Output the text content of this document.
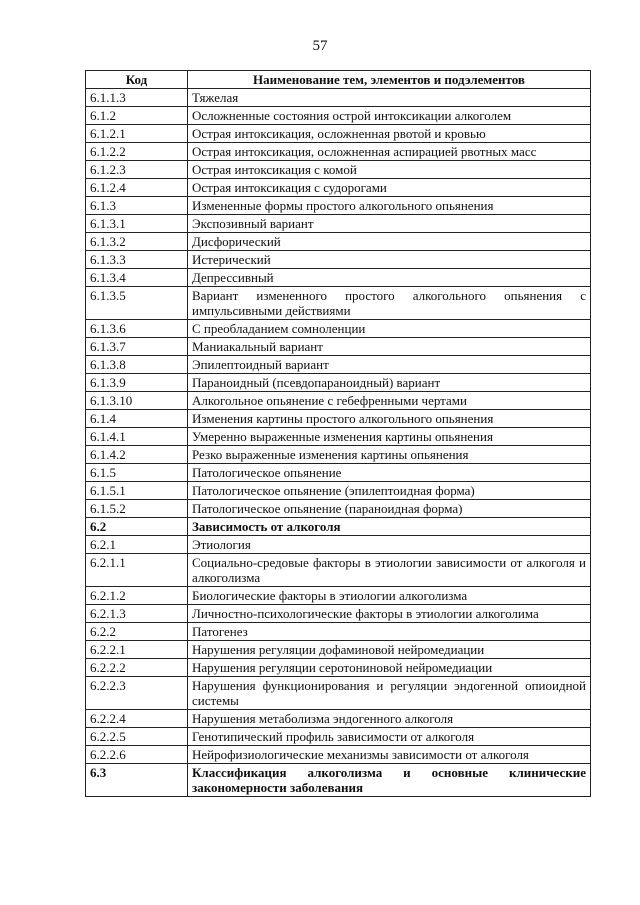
57
Код	Наименование тем, элементов и подэлементов
6.1.1.3	Тяжелая
6.1.2	Осложненные состояния острой интоксикации алкоголем
6.1.2.1	Острая интоксикация, осложненная рвотой и кровью
6.1.2.2	Острая интоксикация, осложненная аспирацией рвотных масс
6.1.2.3	Острая интоксикация с комой
6.1.2.4	Острая интоксикация с судорогами
6.1.3	Измененные формы простого алкогольного опьянения
6.1.3.1	Экспозивный вариант
6.1.3.2	Дисфорический
6.1.3.3	Истерический
6.1.3.4	Депрессивный
6.1.3.5	Вариант измененного простого алкогольного опьянения с импульсивными действиями
6.1.3.6	С преобладанием сомноленции
6.1.3.7	Маниакальный вариант
6.1.3.8	Эпилептоидный вариант
6.1.3.9	Параноидный (псевдопараноидный) вариант
6.1.3.10	Алкогольное опьянение с гебефренными чертами
6.1.4	Изменения картины простого алкогольного опьянения
6.1.4.1	Умеренно выраженные изменения картины опьянения
6.1.4.2	Резко выраженные изменения картины опьянения
6.1.5	Патологическое опьянение
6.1.5.1	Патологическое опьянение (эпилептоидная форма)
6.1.5.2	Патологическое опьянение (параноидная форма)
6.2	Зависимость от алкоголя
6.2.1	Этиология
6.2.1.1	Социально-средовые факторы в этиологии зависимости от алкоголя и алкоголизма
6.2.1.2	Биологические факторы в этиологии алкоголизма
6.2.1.3	Личностно-психологические факторы в этиологии алкоголима
6.2.2	Патогенез
6.2.2.1	Нарушения регуляции дофаминовой нейромедиации
6.2.2.2	Нарушения регуляции серотониновой нейромедиации
6.2.2.3	Нарушения функционирования и регуляции эндогенной опиоидной системы
6.2.2.4	Нарушения метаболизма эндогенного алкоголя
6.2.2.5	Генотипический профиль зависимости от алкоголя
6.2.2.6	Нейрофизиологические механизмы зависимости от алкоголя
6.3	Классификация алкоголизма и основные клинические закономерности заболевания
